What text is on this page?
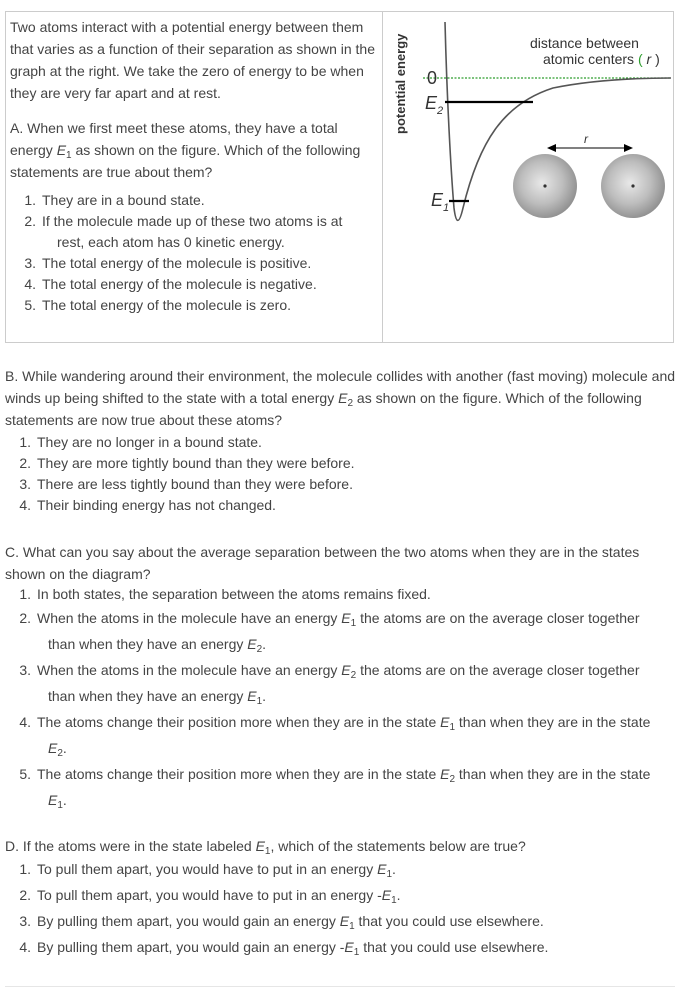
Two atoms interact with a potential energy between them that varies as a function of their separation as shown in the graph at the right. We take the zero of energy to be when they are very far apart and at rest.

A. When we first meet these atoms, they have a total energy $E_1$ as shown on the figure. Which of the following statements are true about them?

1. They are in a bound state.
2. If the molecule made up of these two atoms is at
rest, each atom has 0 kinetic energy.
3. The total energy of the molecule is positive.
4. The total energy of the molecule is negative.
5. The total energy of the molecule is zero.
potential energy 0
$E_2$
$E_1$
distance between
atomic centers ( r )
r

B. While wandering around their environment, the molecule collides with another (fast moving) molecule and winds up being shifted to the state with a total energy $E_2$ as shown on the figure. Which of the following statements are now true about these atoms?

1. They are no longer in a bound state.
2. They are more tightly bound than they were before.
3. There are less tightly bound than they were before.
4. Their binding energy has not changed.

C. What can you say about the average separation between the two atoms when they are in the states shown on the diagram?

1. In both states, the separation between the atoms remains fixed.
2. When the atoms in the molecule have an energy $E_1$ the atoms are on the average closer together
than when they have an energy $E_2$.
3. When the atoms in the molecule have an energy $E_2$ the atoms are on the average closer together
than when they have an energy $E_1$.
4. The atoms change their position more when they are in the state $E_1$ than when they are in the state
$E_2$.
5. The atoms change their position more when they are in the state $E_2$ than when they are in the state
$E_1$.

D. If the atoms were in the state labeled $E_1$, which of the statements below are true?

1. To pull them apart, you would have to put in an energy $E_1$.
2. To pull them apart, you would have to put in an energy $-E_1$.
3. By pulling them apart, you would gain an energy $E_1$ that you could use elsewhere.
4. By pulling them apart, you would gain an energy $-E_1$ that you could use elsewhere.
